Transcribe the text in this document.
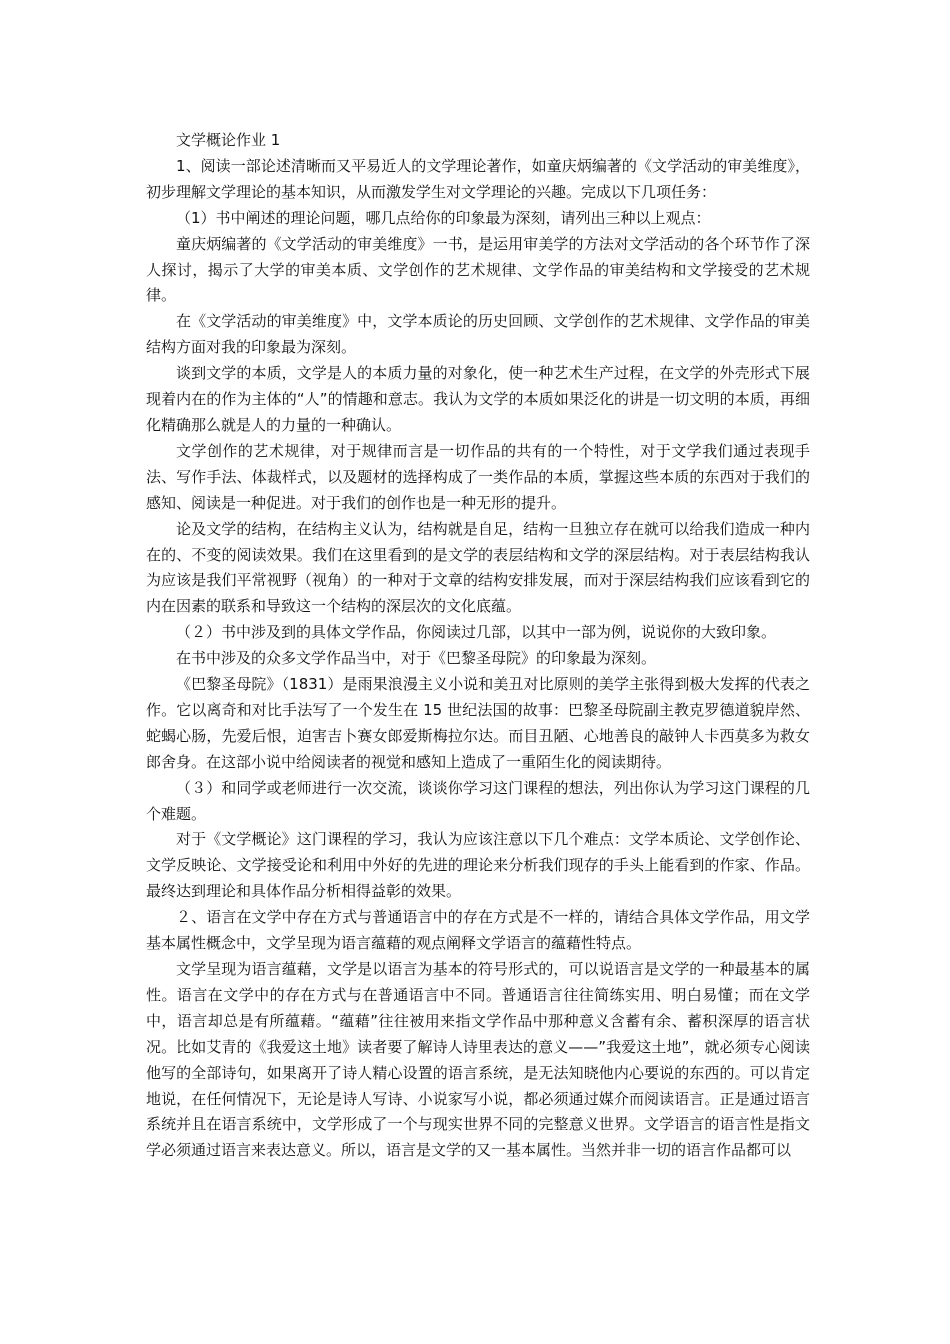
文学概论作业 1

1、阅读一部论述清晰而又平易近人的文学理论著作，如童庆炳编著的《文学活动的审美维度》，初步理解文学理论的基本知识，从而激发学生对文学理论的兴趣。完成以下几项任务：

（1）书中阐述的理论问题，哪几点给你的印象最为深刻，请列出三种以上观点：

童庆炳编著的《文学活动的审美维度》一书，是运用审美学的方法对文学活动的各个环节作了深人探讨，揭示了大学的审美本质、文学创作的艺术规律、文学作品的审美结构和文学接受的艺术规律。

在《文学活动的审美维度》中，文学本质论的历史回顾、文学创作的艺术规律、文学作品的审美结构方面对我的印象最为深刻。

谈到文学的本质，文学是人的本质力量的对象化，使一种艺术生产过程，在文学的外壳形式下展现着内在的作为主体的“人”的情趣和意志。我认为文学的本质如果泛化的讲是一切文明的本质，再细化精确那么就是人的力量的一种确认。

文学创作的艺术规律，对于规律而言是一切作品的共有的一个特性，对于文学我们通过表现手法、写作手法、体裁样式，以及题材的选择构成了一类作品的本质，掌握这些本质的东西对于我们的感知、阅读是一种促进。对于我们的创作也是一种无形的提升。

论及文学的结构，在结构主义认为，结构就是自足，结构一旦独立存在就可以给我们造成一种内在的、不变的阅读效果。我们在这里看到的是文学的表层结构和文学的深层结构。对于表层结构我认为应该是我们平常视野（视角）的一种对于文章的结构安排发展，而对于深层结构我们应该看到它的内在因素的联系和导致这一个结构的深层次的文化底蕴。

（２）书中涉及到的具体文学作品，你阅读过几部，以其中一部为例，说说你的大致印象。

在书中涉及的众多文学作品当中，对于《巴黎圣母院》的印象最为深刻。

《巴黎圣母院》（1831）是雨果浪漫主义小说和美丑对比原则的美学主张得到极大发挥的代表之作。它以离奇和对比手法写了一个发生在 15 世纪法国的故事：巴黎圣母院副主教克罗德道貌岸然、蛇蝎心肠，先爱后恨，迫害吉卜赛女郎爱斯梅拉尔达。而目丑陋、心地善良的敲钟人卡西莫多为救女郎舍身。在这部小说中给阅读者的视觉和感知上造成了一重陌生化的阅读期待。

（３）和同学或老师进行一次交流，谈谈你学习这门课程的想法，列出你认为学习这门课程的几个难题。

对于《文学概论》这门课程的学习，我认为应该注意以下几个难点：文学本质论、文学创作论、文学反映论、文学接受论和利用中外好的先进的理论来分析我们现存的手头上能看到的作家、作品。最终达到理论和具体作品分析相得益彰的效果。

２、语言在文学中存在方式与普通语言中的存在方式是不一样的，请结合具体文学作品，用文学基本属性概念中，文学呈现为语言蕴藉的观点阐释文学语言的蕴藉性特点。

文学呈现为语言蕴藉，文学是以语言为基本的符号形式的，可以说语言是文学的一种最基本的属性。语言在文学中的存在方式与在普通语言中不同。普通语言往往简练实用、明白易懂；而在文学中，语言却总是有所蕴藉。“蕴藉”往往被用来指文学作品中那种意义含蓄有余、蓄积深厚的语言状况。比如艾青的《我爱这土地》读者要了解诗人诗里表达的意义——”我爱这土地”，就必须专心阅读他写的全部诗句，如果离开了诗人精心设置的语言系统，是无法知晓他内心要说的东西的。可以肯定地说，在任何情况下，无论是诗人写诗、小说家写小说，都必须通过媒介而阅读语言。正是通过语言系统并且在语言系统中，文学形成了一个与现实世界不同的完整意义世界。文学语言的语言性是指文学必须通过语言来表达意义。所以，语言是文学的又一基本属性。当然并非一切的语言作品都可以
